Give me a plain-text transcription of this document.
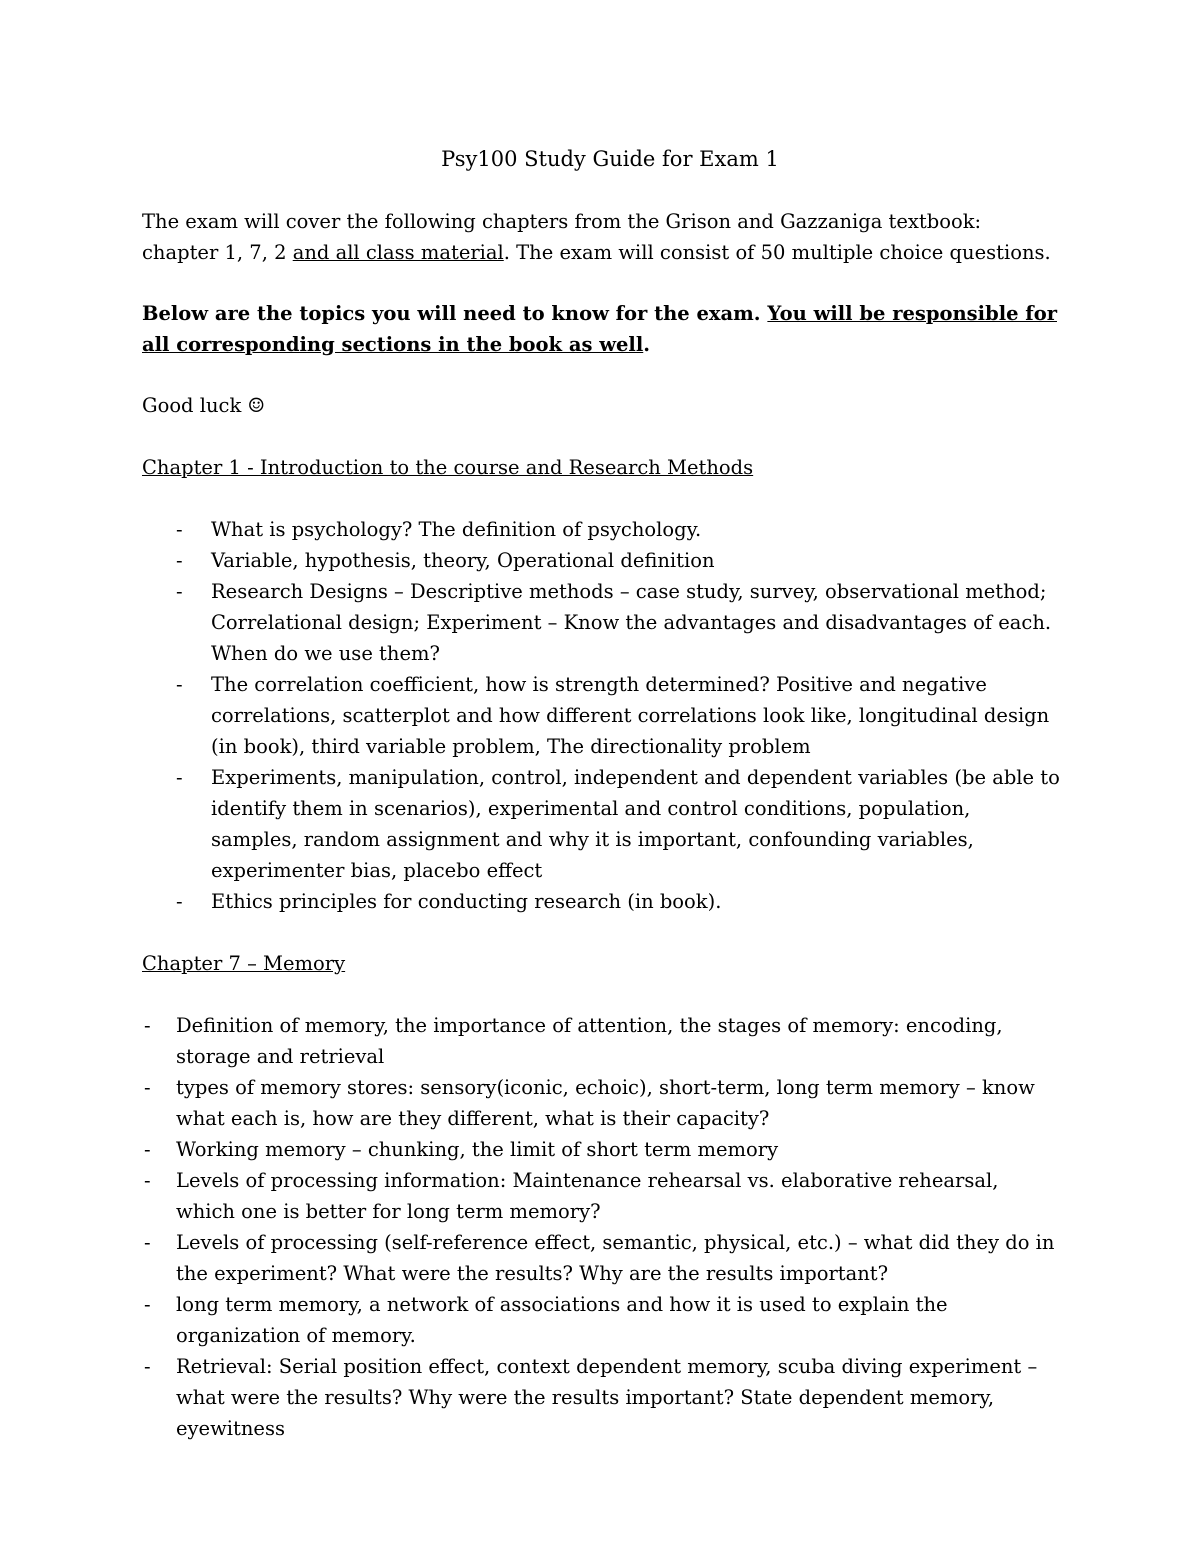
Psy100 Study Guide for Exam 1

The exam will cover the following chapters from the Grison and Gazzaniga textbook: chapter 1, 7, 2 and all class material. The exam will consist of 50 multiple choice questions.

Below are the topics you will need to know for the exam. You will be responsible for all corresponding sections in the book as well.

Good luck ☺

Chapter 1 - Introduction to the course and Research Methods

- What is psychology? The definition of psychology.
- Variable, hypothesis, theory, Operational definition
- Research Designs – Descriptive methods – case study, survey, observational method; Correlational design; Experiment – Know the advantages and disadvantages of each. When do we use them?
- The correlation coefficient, how is strength determined? Positive and negative correlations, scatterplot and how different correlations look like, longitudinal design (in book), third variable problem, The directionality problem
- Experiments, manipulation, control, independent and dependent variables (be able to identify them in scenarios), experimental and control conditions, population, samples, random assignment and why it is important, confounding variables, experimenter bias, placebo effect
- Ethics principles for conducting research (in book).

Chapter 7 – Memory

- Definition of memory, the importance of attention, the stages of memory: encoding, storage and retrieval
- types of memory stores: sensory(iconic, echoic), short-term, long term memory – know what each is, how are they different, what is their capacity?
- Working memory – chunking, the limit of short term memory
- Levels of processing information: Maintenance rehearsal vs. elaborative rehearsal, which one is better for long term memory?
- Levels of processing (self-reference effect, semantic, physical, etc.) – what did they do in the experiment? What were the results? Why are the results important?
- long term memory, a network of associations and how it is used to explain the organization of memory.
- Retrieval: Serial position effect, context dependent memory, scuba diving experiment – what were the results? Why were the results important? State dependent memory, eyewitness
